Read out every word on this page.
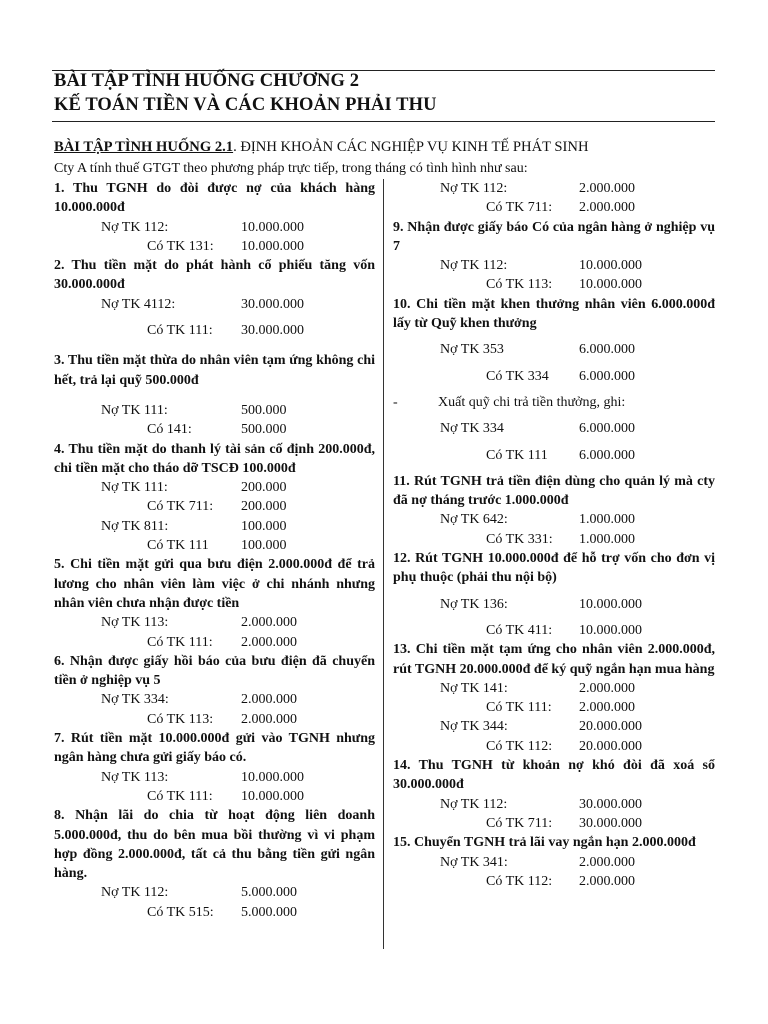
BÀI TẬP TÌNH HUỐNG CHƯƠNG 2
KẾ TOÁN TIỀN VÀ CÁC KHOẢN PHẢI THU
BÀI TẬP TÌNH HUỐNG 2.1. ĐỊNH KHOẢN CÁC NGHIỆP VỤ KINH TẾ PHÁT SINH
Cty A tính thuế GTGT theo phương pháp trực tiếp, trong tháng có tình hình như sau:
1. Thu TGNH do đòi được nợ của khách hàng 10.000.000đ
Nợ TK 112:	10.000.000
Có TK 131: 10.000.000
2. Thu tiền mặt do phát hành cổ phiếu tăng vốn 30.000.000đ
Nợ TK 4112:	30.000.000
Có TK 111: 30.000.000
3. Thu tiền mặt thừa do nhân viên tạm ứng không chi hết, trả lại quỹ 500.000đ
Nợ TK 111:	500.000
Có 141:	500.000
4. Thu tiền mặt do thanh lý tài sản cố định 200.000đ, chi tiền mặt cho tháo dỡ TSCĐ 100.000đ
Nợ TK 111:	200.000
Có TK 711: 200.000
Nợ TK 811:	100.000
Có TK 111 100.000
5. Chi tiền mặt gửi qua bưu điện 2.000.000đ để trả lương cho nhân viên làm việc ở chi nhánh nhưng nhân viên chưa nhận được tiền
Nợ TK 113:	2.000.000
Có TK 111: 2.000.000
6. Nhận được giấy hồi báo của bưu điện đã chuyển tiền ở nghiệp vụ 5
Nợ TK 334:	2.000.000
Có TK 113: 2.000.000
7. Rút tiền mặt 10.000.000đ gửi vào TGNH nhưng ngân hàng chưa gửi giấy báo có.
Nợ TK 113:	10.000.000
Có TK 111: 10.000.000
8. Nhận lãi do chia từ hoạt động liên doanh 5.000.000đ, thu do bên mua bồi thường vì vi phạm hợp đồng 2.000.000đ, tất cả thu bằng tiền gửi ngân hàng.
Nợ TK 112:	5.000.000
Có TK 515: 5.000.000
Nợ TK 112:	2.000.000
Có TK 711: 2.000.000
9. Nhận được giấy báo Có của ngân hàng ở nghiệp vụ 7
Nợ TK 112:	10.000.000
Có TK 113: 10.000.000
10. Chi tiền mặt khen thưởng nhân viên 6.000.000đ lấy từ Quỹ khen thưởng
Nợ TK 353	6.000.000
Có TK 334 6.000.000
-	Xuất quỹ chi trả tiền thưởng, ghi:
Nợ TK 334	6.000.000
Có TK 111 6.000.000
11. Rút TGNH trả tiền điện dùng cho quản lý mà cty đã nợ tháng trước 1.000.000đ
Nợ TK 642:	1.000.000
Có TK 331: 1.000.000
12. Rút TGNH 10.000.000đ để hỗ trợ vốn cho đơn vị phụ thuộc (phải thu nội bộ)
Nợ TK 136:	10.000.000
Có TK 411: 10.000.000
13. Chi tiền mặt tạm ứng cho nhân viên 2.000.000đ, rút TGNH 20.000.000đ để ký quỹ ngắn hạn mua hàng
Nợ TK 141:	2.000.000
Có TK 111: 2.000.000
Nợ TK 344:	20.000.000
Có TK 112: 20.000.000
14. Thu TGNH từ khoản nợ khó đòi đã xoá sổ 30.000.000đ
Nợ TK 112:	30.000.000
Có TK 711: 30.000.000
15. Chuyển TGNH trả lãi vay ngắn hạn 2.000.000đ
Nợ TK 341:	2.000.000
Có TK 112: 2.000.000
